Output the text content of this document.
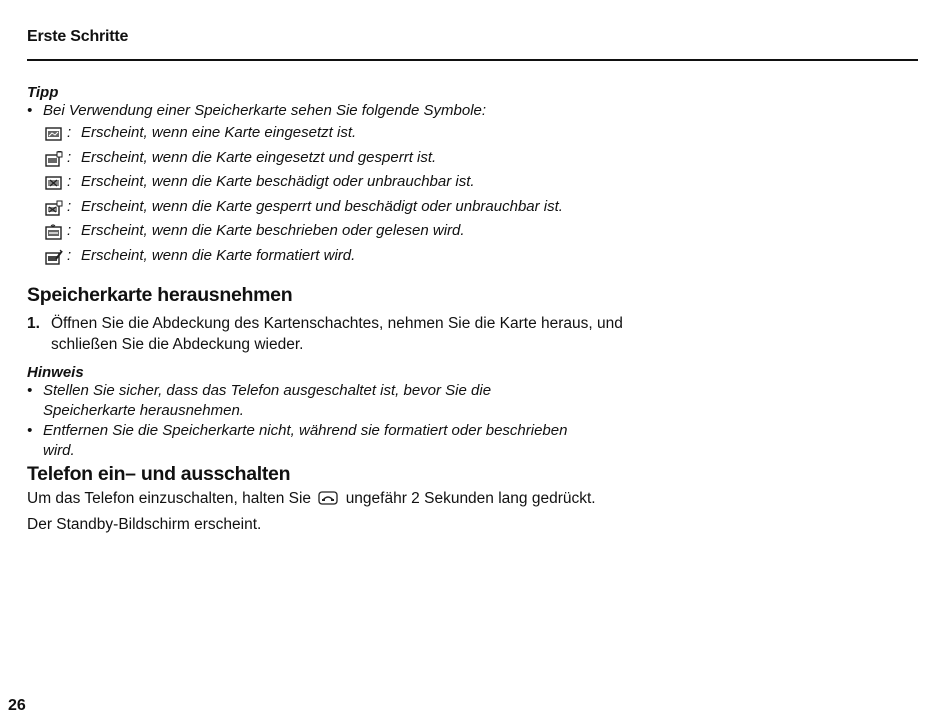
Erste Schritte
Tipp
• Bei Verwendung einer Speicherkarte sehen Sie folgende Symbole:
: Erscheint, wenn eine Karte eingesetzt ist.
: Erscheint, wenn die Karte eingesetzt und gesperrt ist.
: Erscheint, wenn die Karte beschädigt oder unbrauchbar ist.
: Erscheint, wenn die Karte gesperrt und beschädigt oder unbrauchbar ist.
: Erscheint, wenn die Karte beschrieben oder gelesen wird.
: Erscheint, wenn die Karte formatiert wird.
Speicherkarte herausnehmen
1. Öffnen Sie die Abdeckung des Kartenschachtes, nehmen Sie die Karte heraus, und schließen Sie die Abdeckung wieder.
Hinweis
• Stellen Sie sicher, dass das Telefon ausgeschaltet ist, bevor Sie die Speicherkarte herausnehmen.
• Entfernen Sie die Speicherkarte nicht, während sie formatiert oder beschrieben wird.
Telefon ein– und ausschalten
Um das Telefon einzuschalten, halten Sie ungefähr 2 Sekunden lang gedrückt.
Der Standby-Bildschirm erscheint.
26
